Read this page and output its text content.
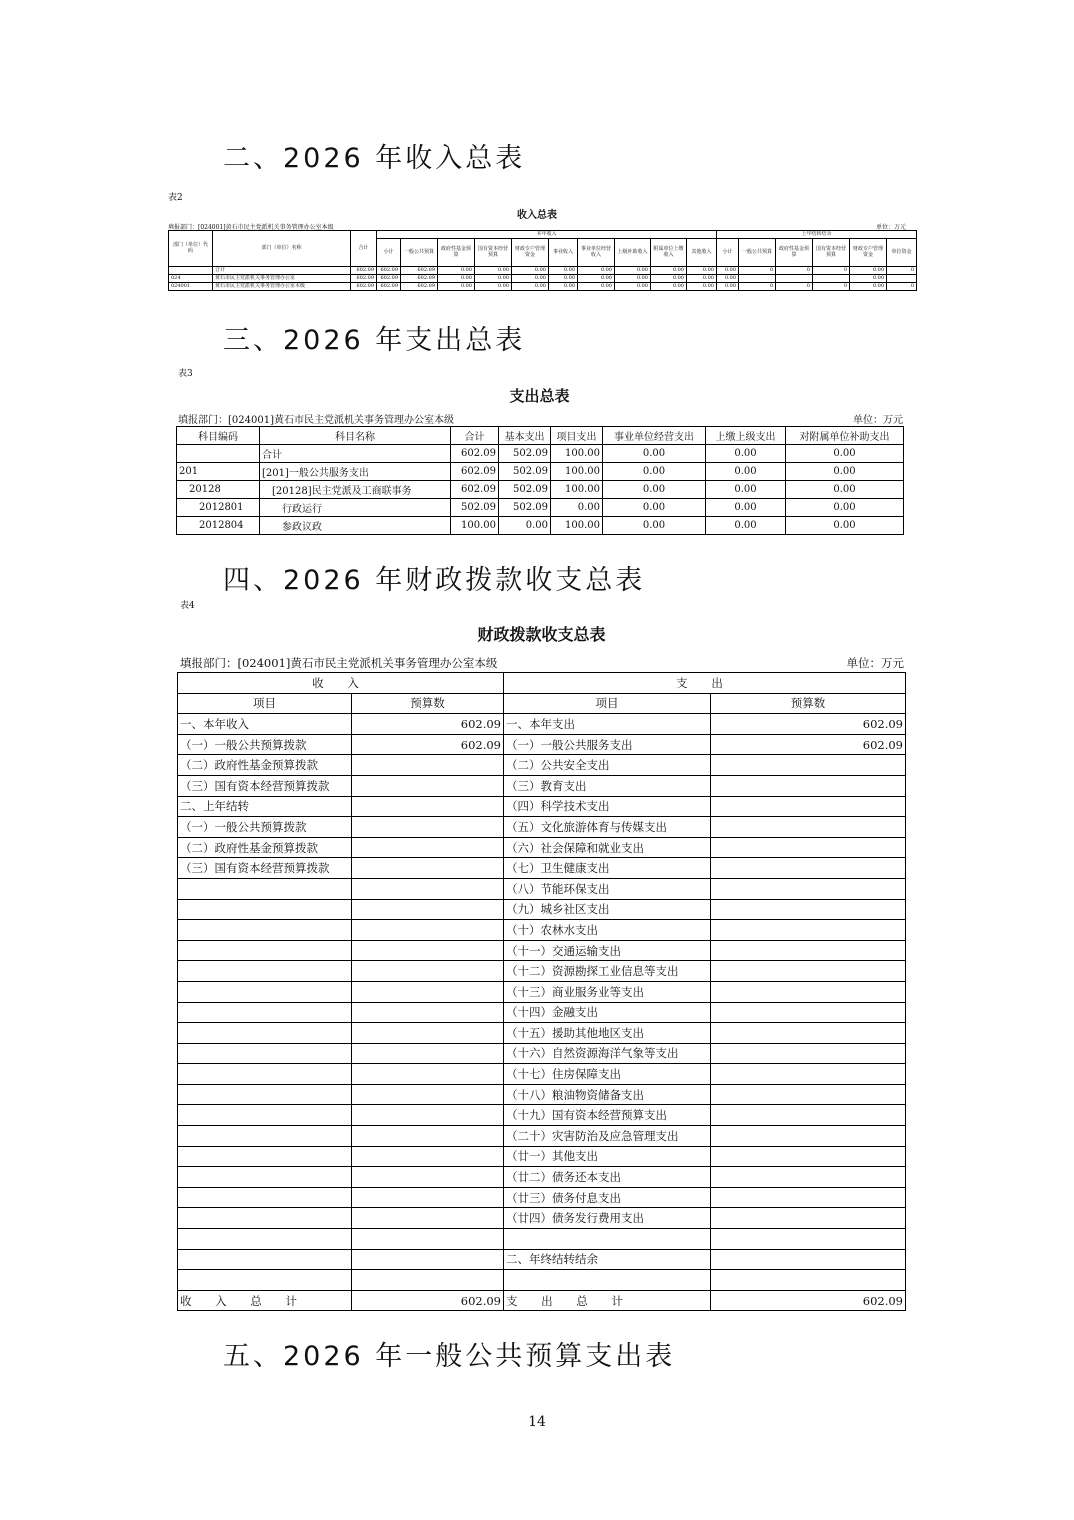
二、2026 年收入总表
表2
收入总表
填报部门：[024001]黄石市民主党派机关事务管理办公室本级	单位：万元
部门（单位）代码	部门（单位）名称	合计	本年收入										上年结转结余					
			小计	一般公共预算	政府性基金预算	国有资本经营预算	财政专户管理资金	事业收入	事业单位经营收入	上级补助收入	附属单位上缴收入	其他收入	小计	一般公共预算	政府性基金预算	国有资本经营预算	财政专户管理资金	单位资金
	合计	602.09	602.09	602.09	0.00	0.00	0.00	0.00	0.00	0.00	0.00	0.00	0.00	0	0	0	0.00	0
024	黄石市民主党派机关事务管理办公室	602.09	602.09	602.09	0.00	0.00	0.00	0.00	0.00	0.00	0.00	0.00	0.00				0.00	
024001	黄石市民主党派机关事务管理办公室本级	602.09	602.09	602.09	0.00	0.00	0.00	0.00	0.00	0.00	0.00	0.00	0.00	0	0	0	0.00	0
三、2026 年支出总表
表3
支出总表
填报部门：[024001]黄石市民主党派机关事务管理办公室本级	单位：万元
科目编码	科目名称	合计	基本支出	项目支出	事业单位经营支出	上缴上级支出	对附属单位补助支出
	合计	602.09	502.09	100.00	0.00	0.00	0.00
201	[201]一般公共服务支出	602.09	502.09	100.00	0.00	0.00	0.00
20128	[20128]民主党派及工商联事务	602.09	502.09	100.00	0.00	0.00	0.00
2012801	行政运行	502.09	502.09	0.00	0.00	0.00	0.00
2012804	参政议政	100.00	0.00	100.00	0.00	0.00	0.00
四、2026 年财政拨款收支总表
表4
财政拨款收支总表
填报部门：[024001]黄石市民主党派机关事务管理办公室本级	单位：万元
收 入		支 出	
项目	预算数	项目	预算数
一、本年收入	602.09	一、本年支出	602.09
（一）一般公共预算拨款	602.09	（一）一般公共服务支出	602.09
（二）政府性基金预算拨款		（二）公共安全支出	
（三）国有资本经营预算拨款		（三）教育支出	
二、上年结转		（四）科学技术支出	
（一）一般公共预算拨款		（五）文化旅游体育与传媒支出	
（二）政府性基金预算拨款		（六）社会保障和就业支出	
（三）国有资本经营预算拨款		（七）卫生健康支出	
		（八）节能环保支出	
		（九）城乡社区支出	
		（十）农林水支出	
		（十一）交通运输支出	
		（十二）资源勘探工业信息等支出	
		（十三）商业服务业等支出	
		（十四）金融支出	
		（十五）援助其他地区支出	
		（十六）自然资源海洋气象等支出	
		（十七）住房保障支出	
		（十八）粮油物资储备支出	
		（十九）国有资本经营预算支出	
		（二十）灾害防治及应急管理支出	
		（廿一）其他支出	
		（廿二）债务还本支出	
		（廿三）债务付息支出	
		（廿四）债务发行费用支出	

		二、年终结转结余	

收 入 总 计	602.09	支 出 总 计	602.09
五、2026 年一般公共预算支出表
14
